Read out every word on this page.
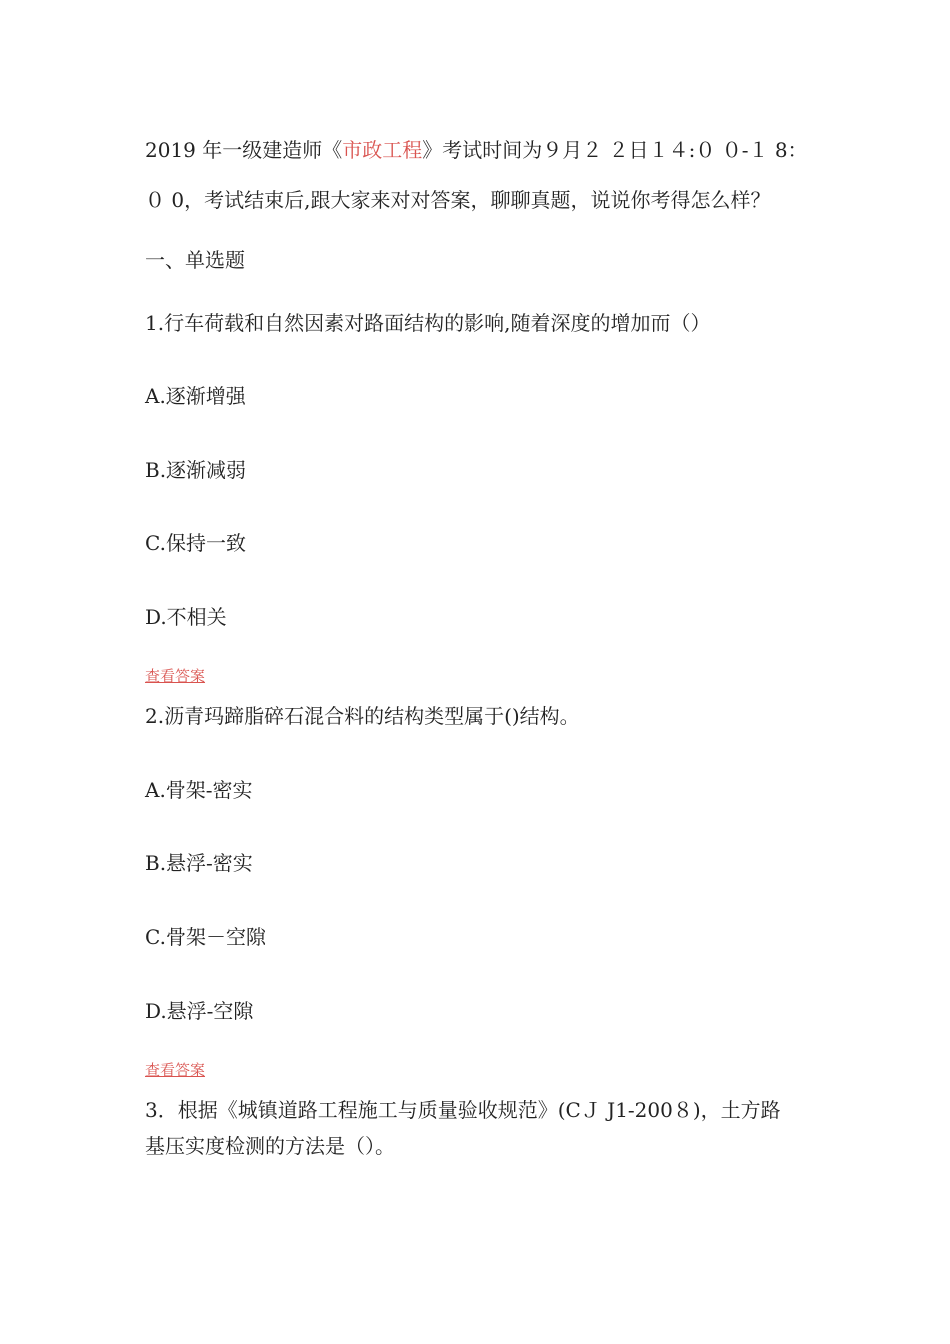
2019 年一级建造师《市政工程》考试时间为９月２ ２日１４:０ ０-１ 8：
０ 0，考试结束后,跟大家来对对答案，聊聊真题，说说你考得怎么样？
一、单选题
1.行车荷载和自然因素对路面结构的影响,随着深度的增加而（）
A.逐渐增强
B.逐渐减弱
C.保持一致
D.不相关
查看答案
2.沥青玛蹄脂碎石混合料的结构类型属于()结构。
A.骨架-密实
B.悬浮-密实
C.骨架－空隙
D.悬浮-空隙
查看答案
3．根据《城镇道路工程施工与质量验收规范》(CＪ J1-200８)，土方路
基压实度检测的方法是（）。
